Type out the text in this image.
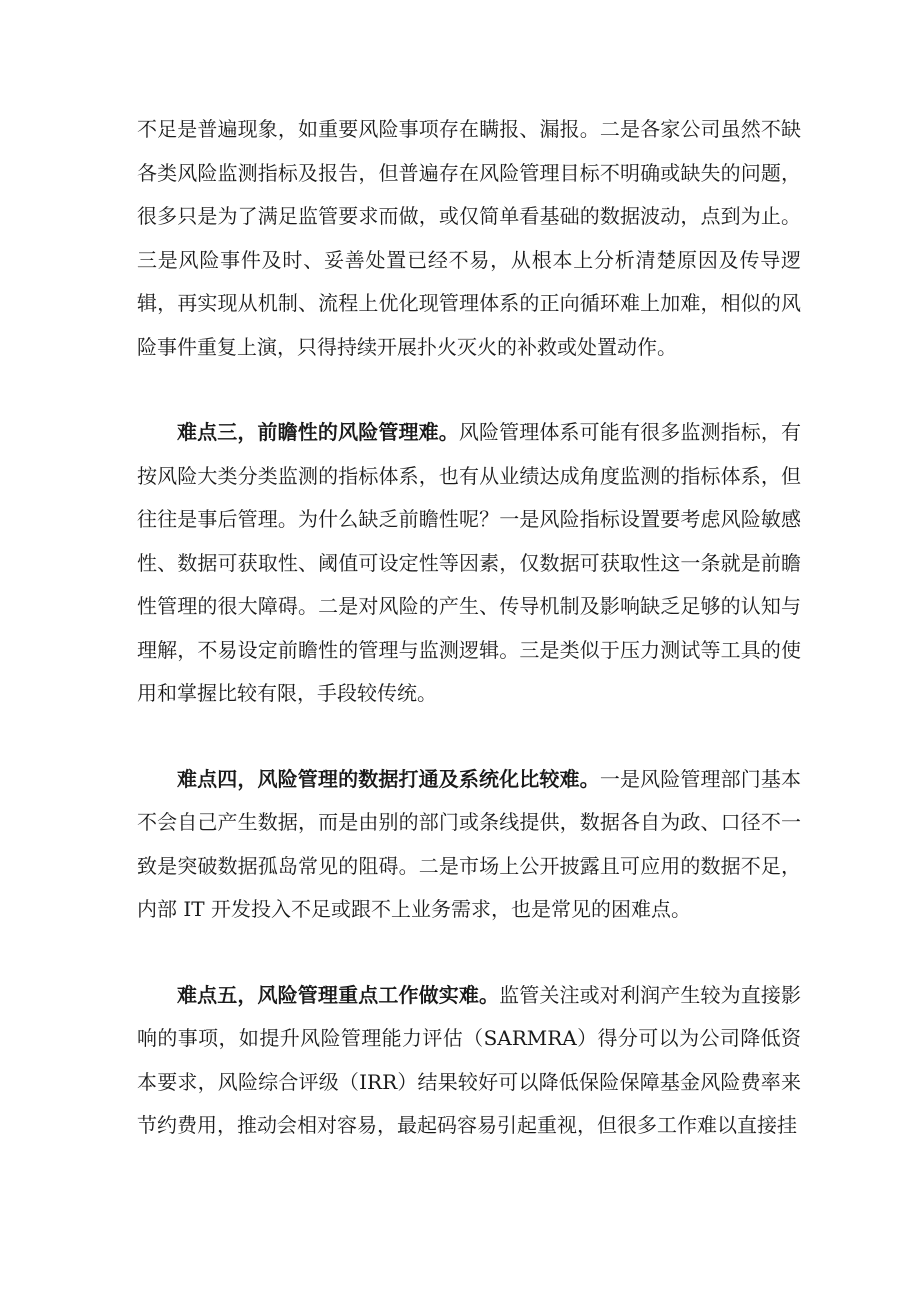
不足是普遍现象，如重要风险事项存在瞒报、漏报。二是各家公司虽然不缺各类风险监测指标及报告，但普遍存在风险管理目标不明确或缺失的问题，很多只是为了满足监管要求而做，或仅简单看基础的数据波动，点到为止。三是风险事件及时、妥善处置已经不易，从根本上分析清楚原因及传导逻辑，再实现从机制、流程上优化现管理体系的正向循环难上加难，相似的风险事件重复上演，只得持续开展扑火灭火的补救或处置动作。

难点三，前瞻性的风险管理难。风险管理体系可能有很多监测指标，有按风险大类分类监测的指标体系，也有从业绩达成角度监测的指标体系，但往往是事后管理。为什么缺乏前瞻性呢？一是风险指标设置要考虑风险敏感性、数据可获取性、阈值可设定性等因素，仅数据可获取性这一条就是前瞻性管理的很大障碍。二是对风险的产生、传导机制及影响缺乏足够的认知与理解，不易设定前瞻性的管理与监测逻辑。三是类似于压力测试等工具的使用和掌握比较有限，手段较传统。

难点四，风险管理的数据打通及系统化比较难。一是风险管理部门基本不会自己产生数据，而是由别的部门或条线提供，数据各自为政、口径不一致是突破数据孤岛常见的阻碍。二是市场上公开披露且可应用的数据不足，内部 IT 开发投入不足或跟不上业务需求，也是常见的困难点。

难点五，风险管理重点工作做实难。监管关注或对利润产生较为直接影响的事项，如提升风险管理能力评估（SARMRA）得分可以为公司降低资本要求，风险综合评级（IRR）结果较好可以降低保险保障基金风险费率来节约费用，推动会相对容易，最起码容易引起重视，但很多工作难以直接挂
